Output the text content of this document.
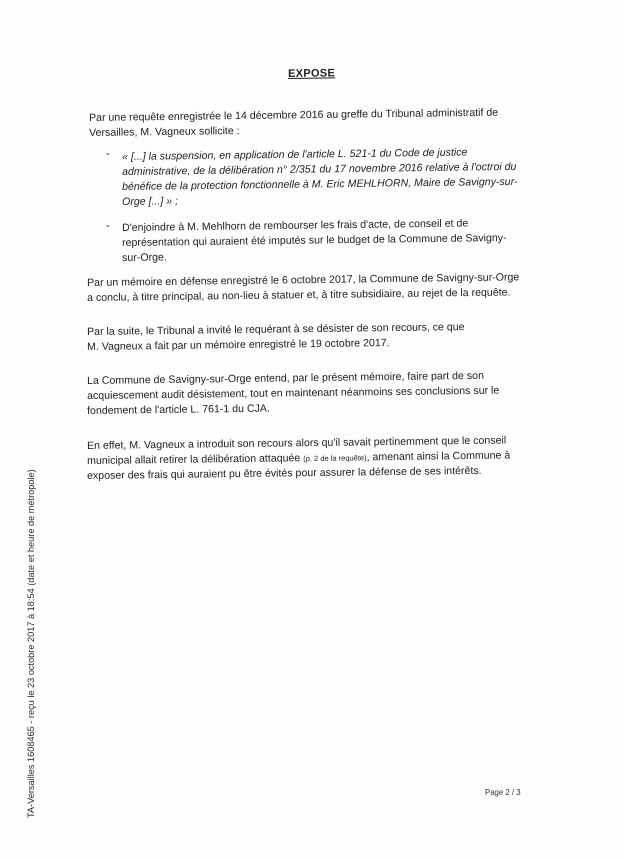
EXPOSE
Par une requête enregistrée le 14 décembre 2016 au greffe du Tribunal administratif de
Versailles, M. Vagneux sollicite :
- « [...] la suspension, en application de l'article L. 521-1 du Code de justice
administrative, de la délibération n° 2/351 du 17 novembre 2016 relative à l'octroi du
bénéfice de la protection fonctionnelle à M. Eric MEHLHORN, Maire de Savigny-sur-
Orge [...] » ;
- D'enjoindre à M. Mehlhorn de rembourser les frais d'acte, de conseil et de
représentation qui auraient été imputés sur le budget de la Commune de Savigny-
sur-Orge.
Par un mémoire en défense enregistré le 6 octobre 2017, la Commune de Savigny-sur-Orge
a conclu, à titre principal, au non-lieu à statuer et, à titre subsidiaire, au rejet de la requête.
Par la suite, le Tribunal a invité le requérant à se désister de son recours, ce que
M. Vagneux a fait par un mémoire enregistré le 19 octobre 2017.
La Commune de Savigny-sur-Orge entend, par le présent mémoire, faire part de son
acquiescement audit désistement, tout en maintenant néanmoins ses conclusions sur le
fondement de l'article L. 761-1 du CJA.
En effet, M. Vagneux a introduit son recours alors qu'il savait pertinemment que le conseil
municipal allait retirer la délibération attaquée (p. 2 de la requête), amenant ainsi la Commune à
exposer des frais qui auraient pu être évités pour assurer la défense de ses intérêts.
TA-Versailles 1608465 - reçu le 23 octobre 2017 à 18:54 (date et heure de métropole)	Page 2 / 3
